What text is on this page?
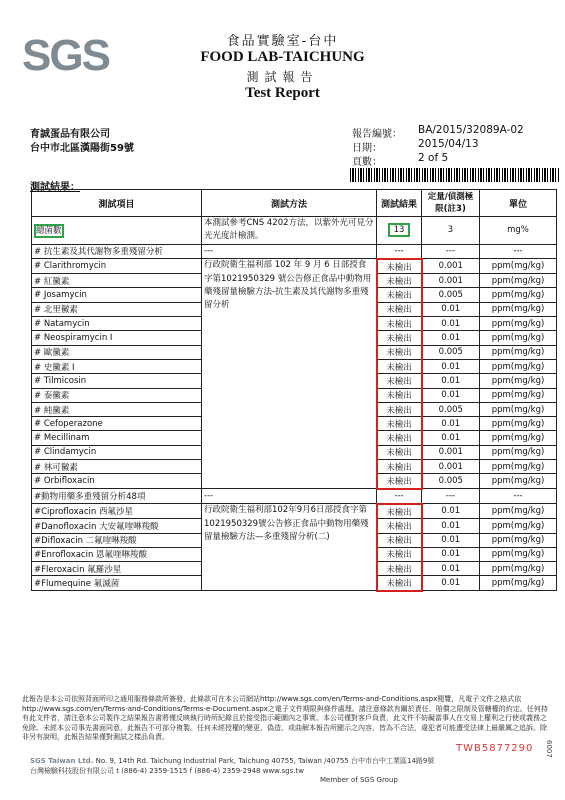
SGS	食品實驗室-台中
FOOD LAB-TAICHUNG
測試報告
Test Report
育誠蛋品有限公司
台中市北區漢陽街59號
報告編號： BA/2015/32089A-02
日期：	2015/04/13
頁數：	2 of 5
測試結果：
測試項目	測試方法	測試結果	定量/偵測極限(註3)	單位
總菌數	本測試參考CNS 4202方法，以紫外光可見分光光度計檢測。	13	3	mg%
# 抗生素及其代謝物多重殘留分析	---	---	---	---
# Clarithromycin	行政院衛生福利部 102 年 9 月 6 日部授食字第1021950329 號公告修正食品中動物用藥殘留量檢驗方法-抗生素及其代謝物多重殘留分析	未檢出	0.001	ppm(mg/kg)
# 紅黴素		未檢出	0.001	ppm(mg/kg)
# Josamycin		未檢出	0.005	ppm(mg/kg)
# 北里黴素		未檢出	0.01	ppm(mg/kg)
# Natamycin		未檢出	0.01	ppm(mg/kg)
# Neospiramycin I		未檢出	0.01	ppm(mg/kg)
# 歐黴素		未檢出	0.005	ppm(mg/kg)
# 史黴素 I		未檢出	0.01	ppm(mg/kg)
# Tilmicosin		未檢出	0.01	ppm(mg/kg)
# 泰黴素		未檢出	0.01	ppm(mg/kg)
# 純黴素		未檢出	0.005	ppm(mg/kg)
# Cefoperazone		未檢出	0.01	ppm(mg/kg)
# Mecillinam		未檢出	0.01	ppm(mg/kg)
# Clindamycin		未檢出	0.001	ppm(mg/kg)
# 林可黴素		未檢出	0.001	ppm(mg/kg)
# Orbifloxacin		未檢出	0.005	ppm(mg/kg)
#動物用藥多重殘留分析48項	---	---	---	---
#Ciprofloxacin 西氟沙星	行政院衛生福利部102年9月6日部授食字第 1021950329號公告修正食品中動物用藥殘留量檢驗方法—多重殘留分析(二)	未檢出	0.01	ppm(mg/kg)
#Danofloxacin 大安氟喹啉羧酸		未檢出	0.01	ppm(mg/kg)
#Difloxacin 二氟喹啉羧酸		未檢出	0.01	ppm(mg/kg)
#Enrofloxacin 恩氟喹啉羧酸		未檢出	0.01	ppm(mg/kg)
#Fleroxacin 氟羅沙星		未檢出	0.01	ppm(mg/kg)
#Flumequine 氟滅菌		未檢出	0.01	ppm(mg/kg)
此報告是本公司依照背面所印之通用服務條款所簽發，此條款可在本公司網站http://www.sgs.com/en/Terms-and-Conditions.aspx閱覽，凡電子文件之格式依http://www.sgs.com/en/Terms-and-Conditions/Terms-e-Document.aspx之電子文件期限與條件處理。請注意條款有關於責任、賠償之限制及管轄權的約定。任何持有此文件者，請注意本公司製作之結果報告書將僅反映執行時所紀錄且於接受指示範圍內之事實。本公司僅對客戶負責，此文件不妨礙當事人在交易上權利之行使或義務之免除。未經本公司事先書面同意，此報告不可部分複製。任何未經授權的變更、偽造、或曲解本報告所顯示之內容，皆為不合法，違犯者可能遭受法律上最嚴厲之追訴。除非另有說明，此報告結果僅對測試之樣品負責。
TWB5877290
SGS Taiwan Ltd. No. 9, 14th Rd. Taichung Industrial Park, Taichung 40755, Taiwan /40755 台中市台中工業區14路9號
台灣檢驗科技股份有限公司 t (886-4) 2359-1515 f (886-4) 2359-2948 www.sgs.tw
Member of SGS Group
6007
